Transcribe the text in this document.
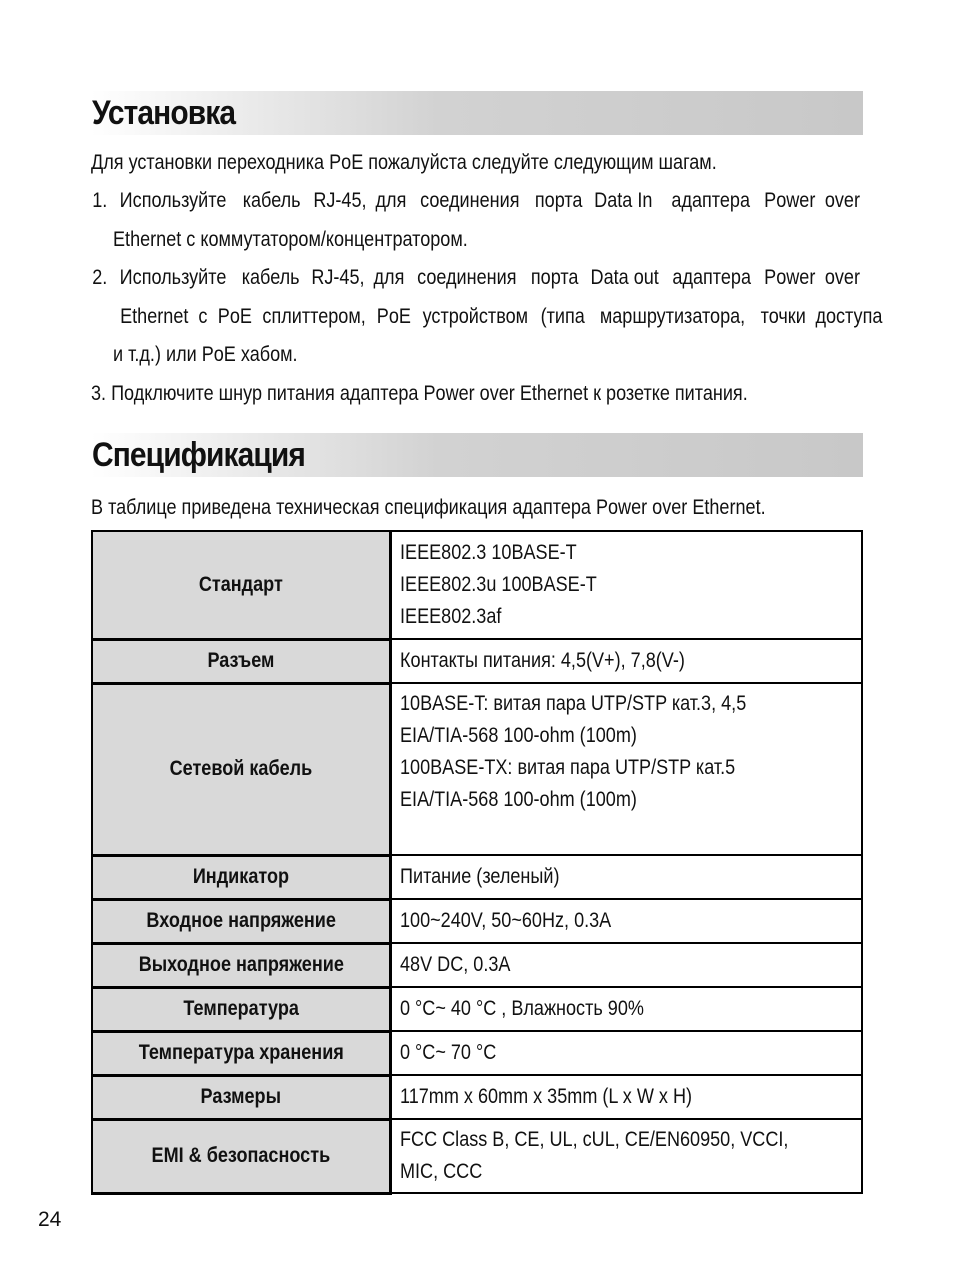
Установка
Для установки переходника PoE пожалуйста следуйте следующим шагам.
1. Используйте кабель RJ-45, для соединения порта Data In адаптера Power over
Ethernet с коммутатором/концентратором.
2. Используйте кабель RJ-45, для соединения порта Data out адаптера Power over
Ethernet  с PoE сплиттером, PoE устройством (типа маршрутизатора, точки доступа
и т.д.) или PoE хабом.
3. Подключите шнур питания адаптера Power over Ethernet к розетке питания.
Спецификация
В таблице приведена техническая спецификация адаптера Power over Ethernet.
Стандарт	IEEE802.3 10BASE-T
IEEE802.3u 100BASE-T
IEEE802.3af

Разъем	Контакты питания: 4,5(V+), 7,8(V-)

Сетевой кабель	10BASE-T: витая пара UTP/STP кат.3, 4,5
EIA/TIA-568 100-ohm (100m)
100BASE-TX: витая пара UTP/STP кат.5
EIA/TIA-568 100-ohm (100m)

Индикатор	Питание (зеленый)

Входное напряжение	100~240V, 50~60Hz, 0.3A

Выходное напряжение	48V DC, 0.3A

Температура	0 °C~ 40 °C , Влажность 90%

Температура хранения	0 °C~ 70 °C

Размеры	117mm x 60mm x 35mm (L x W x H)

EMI & безопасность	FCC Class B, CE, UL, cUL, CE/EN60950, VCCI,
MIC, CCC
24
